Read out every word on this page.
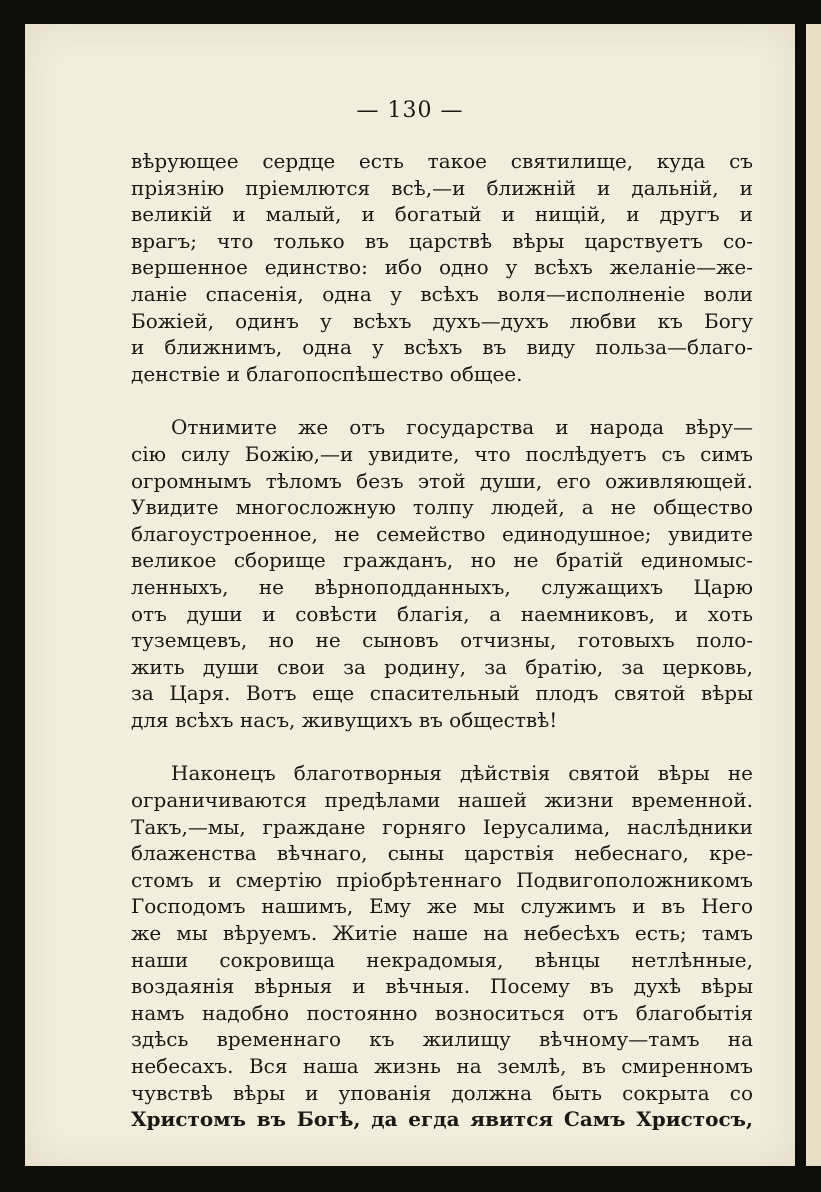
— 130 —

вѣрующее сердце есть такое святилище, куда съ
пріязнію пріемлются всѣ,—и ближній и дальній, и
великій и малый, и богатый и нищій, и другъ и
врагъ; что только въ царствѣ вѣры царствуетъ со-
вершенное единство: ибо одно у всѣхъ желаніе—же-
ланіе спасенія, одна у всѣхъ воля—исполненіе воли
Божіей, одинъ у всѣхъ духъ—духъ любви къ Богу
и ближнимъ, одна у всѣхъ въ виду польза—благо-
денствіе и благопоспѣшество общее.

Отнимите же отъ государства и народа вѣру—
сію силу Божію,—и увидите, что послѣдуетъ съ симъ
огромнымъ тѣломъ безъ этой души, его оживляющей.
Увидите многосложную толпу людей, а не общество
благоустроенное, не семейство единодушное; увидите
великое сборище гражданъ, но не братій единомыс-
ленныхъ, не вѣрноподданныхъ, служащихъ Царю
отъ души и совѣсти благія, а наемниковъ, и хоть
туземцевъ, но не сыновъ отчизны, готовыхъ поло-
жить души свои за родину, за братію, за церковь,
за Царя. Вотъ еще спасительный плодъ святой вѣры
для всѣхъ насъ, живущихъ въ обществѣ!

Наконецъ благотворныя дѣйствія святой вѣры не
ограничиваются предѣлами нашей жизни временной.
Такъ,—мы, граждане горняго Іерусалима, наслѣдники
блаженства вѣчнаго, сыны царствія небеснаго, кре-
стомъ и смертію пріобрѣтеннаго Подвигоположникомъ
Господомъ нашимъ, Ему же мы служимъ и въ Него
же мы вѣруемъ. Житіе наше на небесѣхъ есть; тамъ
наши сокровища некрадомыя, вѣнцы нетлѣнные,
воздаянія вѣрныя и вѣчныя. Посему въ духѣ вѣры
намъ надобно постоянно возноситься отъ благобытія
здѣсь временнаго къ жилищу вѣчному—тамъ на
небесахъ. Вся наша жизнь на землѣ, въ смиренномъ
чувствѣ вѣры и упованія должна быть сокрыта со
Христомъ въ Богѣ, да егда явится Самъ Христосъ,
